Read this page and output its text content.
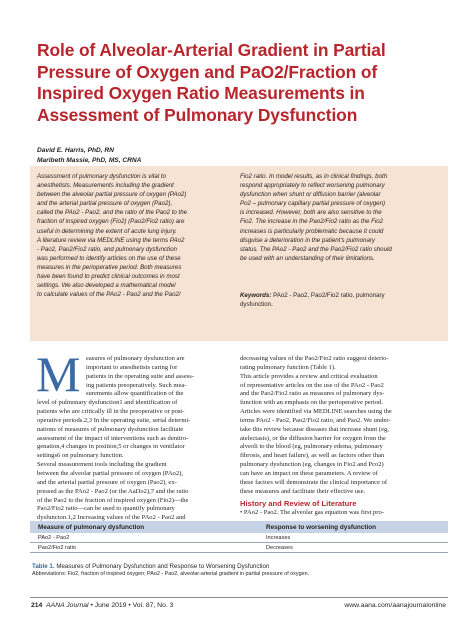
Role of Alveolar-Arterial Gradient in Partial
Pressure of Oxygen and PaO2/Fraction of
Inspired Oxygen Ratio Measurements in
Assessment of Pulmonary Dysfunction
David E. Harris, PhD, RN
Maribeth Massie, PhD, MS, CRNA
Assessment of pulmonary dysfunction is vital to
anesthetists. Measurements including the gradient
between the alveolar partial pressure of oxygen (PAo2)
and the arterial partial pressure of oxygen (Pao2),
called the PAo2 - Pao2, and the ratio of the Pao2 to the
fraction of inspired oxygen (Fio2) (Pao2/Fio2 ratio) are
useful in determining the extent of acute lung injury.
A literature review via MEDLINE using the terms PAo2
- Pao2, Pao2/Fio2 ratio, and pulmonary dysfunction
was performed to identify articles on the use of these
measures in the perioperative period. Both measures
have been found to predict clinical outcomes in most
settings. We also developed a mathematical model
to calculate values of the PAo2 - Pao2 and the Pao2/
Fio2 ratio. In model results, as in clinical findings, both
respond appropriately to reflect worsening pulmonary
dysfunction when shunt or diffusion barrier (alveolar
Po2 – pulmonary capillary partial pressure of oxygen)
is increased. However, both are also sensitive to the
Fio2. The increase in the Pao2/Fio2 ratio as the Fio2
increases is particularly problematic because it could
disguise a deterioration in the patient's pulmonary
status. The PAo2 - Pao2 and the Pao2/Fio2 ratio should
be used with an understanding of their limitations.
Keywords: PAo2 - Pao2, Pao2/Fio2 ratio, pulmonary
dysfunction.
M easures of pulmonary dysfunction are
important to anesthetists caring for
patients in the operating suite and assess-
ing patients preoperatively. Such mea-
surements allow quantification of the
level of pulmonary dysfunction1 and identification of
patients who are critically ill in the preoperative or post-
operative periods.2,3 In the operating suite, serial determi-
nations of measures of pulmonary dysfunction facilitate
assessment of the impact of interventions such as denitro-
genation,4 changes in position,5 or changes in ventilator
settings6 on pulmonary function.
Several measurement tools including the gradient
between the alveolar partial pressure of oxygen (PAo2),
and the arterial partial pressure of oxygen (Pao2), ex-
pressed as the PAo2 - Pao2 (or the AaDo2),7 and the ratio
of the Pao2 to the fraction of inspired oxygen (Fio2)—the
Pao2/Fio2 ratio—can be used to quantify pulmonary
dysfuncton.1,2 Increasing values of the PAo2 - Pao2 and
decreasing values of the Pao2/Fio2 ratio suggest deterio-
rating pulmonary function (Table 1).
This article provides a review and critical evaluation
of representative articles on the use of the PAo2 - Pao2
and the Pao2/Fio2 ratio as measures of pulmonary dys-
function with an emphasis on the perioperative period.
Articles were identified via MEDLINE searches using the
terms PAo2 - Pao2, Pao2/Fio2 ratio, and Pao2. We under-
take this review because diseases that increase shunt (eg,
atelectasis), or the diffusion barrier for oxygen from the
alveoli to the blood (eg, pulmonary edema, pulmonary
fibrosis, and heart failure), as well as factors other than
pulmonary dysfunction (eg, changes in Fio2 and Pco2)
can have an impact on these parameters. A review of
these factors will demonstrate the clinical importance of
these measures and facilitate their effective use.
History and Review of Literature
• PAo2 - Pao2. The alveolar gas equation was first pro-
Measure of pulmonary dysfunction	Response to worsening dysfunction
PAo2 - Pao2	Increases
Pao2/Fio2 ratio	Decreases
Table 1. Measures of Pulmonary Dysfunction and Response to Worsening Dysfunction
Abbreviations: Fio2, fraction of inspired oxygen; PAo2 - Pao2, alveolar-arterial gradient in partial pressure of oxygen.
214 AANA Journal • June 2019 • Vol. 87, No. 3	www.aana.com/aanajournalonline
